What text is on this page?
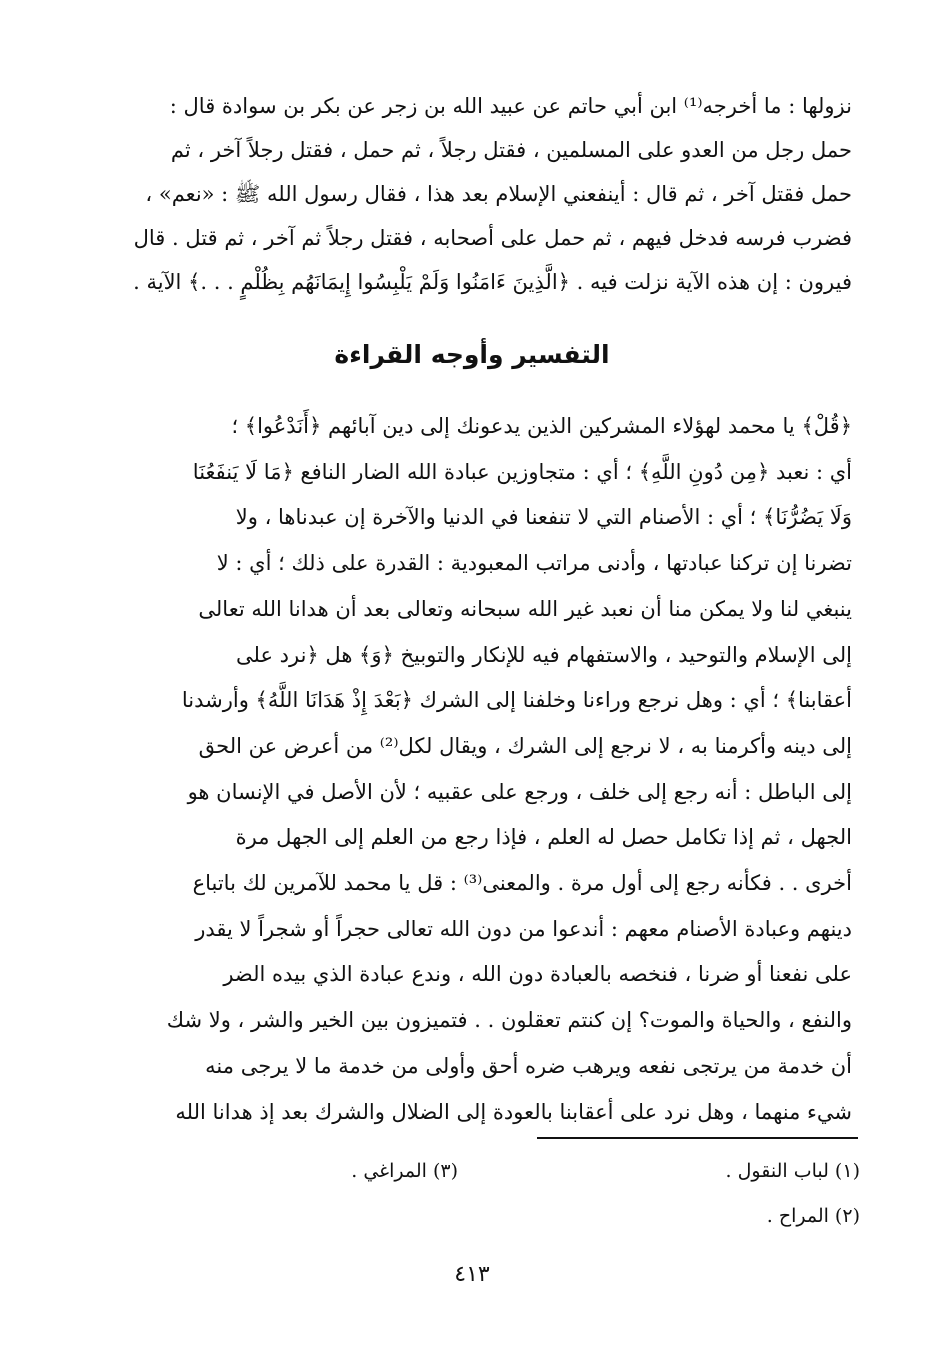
نزولها : ما أخرجه⁽¹⁾ ابن أبي حاتم عن عبيد الله بن زجر عن بكر بن سوادة قال :
حمل رجل من العدو على المسلمين ، فقتل رجلاً ، ثم حمل ، فقتل رجلاً آخر ، ثم
حمل فقتل آخر ، ثم قال : أينفعني الإسلام بعد هذا ، فقال رسول الله ﷺ : «نعم» ،
فضرب فرسه فدخل فيهم ، ثم حمل على أصحابه ، فقتل رجلاً ثم آخر ، ثم قتل . قال
فيرون : إن هذه الآية نزلت فيه . ﴿الَّذِينَ ءَامَنُوا وَلَمْ يَلْبِسُوا إِيمَانَهُم بِظُلْمٍ . . .﴾ الآية .
التفسير وأوجه القراءة
﴿قُلْ﴾ يا محمد لهؤلاء المشركين الذين يدعونك إلى دين آبائهم ﴿أَنَدْعُوا﴾ ؛
أي : نعبد ﴿مِن دُونِ اللَّهِ﴾ ؛ أي : متجاوزين عبادة الله الضار النافع ﴿مَا لَا يَنفَعُنَا
وَلَا يَضُرُّنَا﴾ ؛ أي : الأصنام التي لا تنفعنا في الدنيا والآخرة إن عبدناها ، ولا
تضرنا إن تركنا عبادتها ، وأدنى مراتب المعبودية : القدرة على ذلك ؛ أي : لا
ينبغي لنا ولا يمكن منا أن نعبد غير الله سبحانه وتعالى بعد أن هدانا الله تعالى
إلى الإسلام والتوحيد ، والاستفهام فيه للإنكار والتوبيخ ﴿وَ﴾ هل ﴿نرد على
أعقابنا﴾ ؛ أي : وهل نرجع وراءنا وخلفنا إلى الشرك ﴿بَعْدَ إِذْ هَدَانَا اللَّهُ﴾ وأرشدنا
إلى دينه وأكرمنا به ، لا نرجع إلى الشرك ، ويقال لكل⁽²⁾ من أعرض عن الحق
إلى الباطل : أنه رجع إلى خلف ، ورجع على عقبيه ؛ لأن الأصل في الإنسان هو
الجهل ، ثم إذا تكامل حصل له العلم ، فإذا رجع من العلم إلى الجهل مرة
أخرى . . فكأنه رجع إلى أول مرة . والمعنى⁽³⁾ : قل يا محمد للآمرين لك باتباع
دينهم وعبادة الأصنام معهم : أندعوا من دون الله تعالى حجراً أو شجراً لا يقدر
على نفعنا أو ضرنا ، فنخصه بالعبادة دون الله ، وندع عبادة الذي بيده الضر
والنفع ، والحياة والموت؟ إن كنتم تعقلون . . فتميزون بين الخير والشر ، ولا شك
أن خدمة من يرتجى نفعه ويرهب ضره أحق وأولى من خدمة ما لا يرجى منه
شيء منهما ، وهل نرد على أعقابنا بالعودة إلى الضلال والشرك بعد إذ هدانا الله
(١) لباب النقول .
(٣) المراغي .
(٢) المراح .
٤١٣
